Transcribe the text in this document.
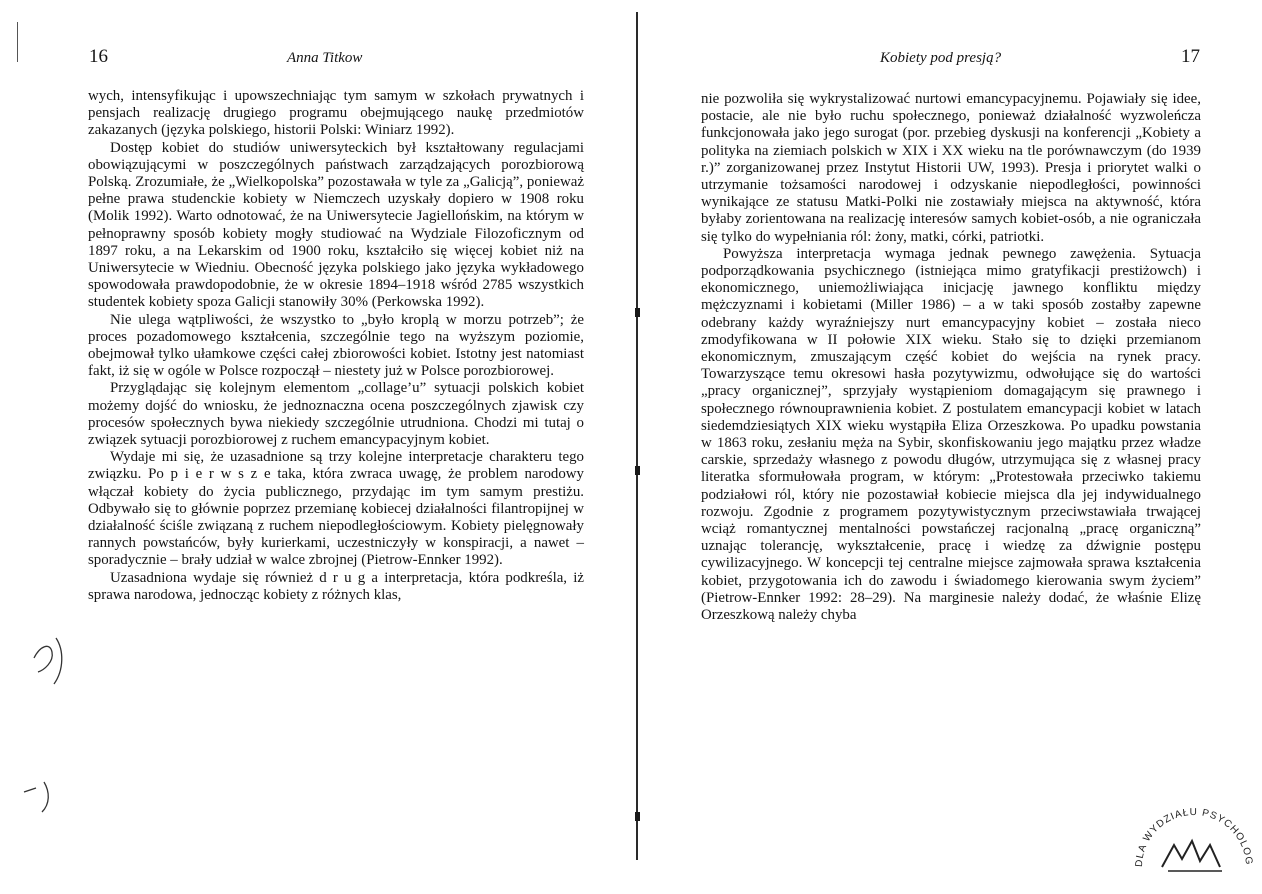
16	Anna Titkow

wych, intensyfikując i upowszechniając tym samym w szkołach prywatnych i pensjach realizację drugiego programu obejmującego naukę przedmiotów zakazanych (języka polskiego, historii Polski: Winiarz 1992).

Dostęp kobiet do studiów uniwersyteckich był kształtowany regulacjami obowiązującymi w poszczególnych państwach zarządzających porozbiorową Polską. Zrozumiałe, że „Wielkopolska” pozostawała w tyle za „Galicją”, ponieważ pełne prawa studenckie kobiety w Niemczech uzyskały dopiero w 1908 roku (Molik 1992). Warto odnotować, że na Uniwersytecie Jagiellońskim, na którym w pełnoprawny sposób kobiety mogły studiować na Wydziale Filozoficznym od 1897 roku, a na Lekarskim od 1900 roku, kształciło się więcej kobiet niż na Uniwersytecie w Wiedniu. Obecność języka polskiego jako języka wykładowego spowodowała prawdopodobnie, że w okresie 1894–1918 wśród 2785 wszystkich studentek kobiety spoza Galicji stanowiły 30% (Perkowska 1992).

Nie ulega wątpliwości, że wszystko to „było kroplą w morzu potrzeb”; że proces pozadomowego kształcenia, szczególnie tego na wyższym poziomie, obejmował tylko ułamkowe części całej zbiorowości kobiet. Istotny jest natomiast fakt, iż się w ogóle w Polsce rozpoczął – niestety już w Polsce porozbiorowej.

Przyglądając się kolejnym elementom „collage’u” sytuacji polskich kobiet możemy dojść do wniosku, że jednoznaczna ocena poszczególnych zjawisk czy procesów społecznych bywa niekiedy szczególnie utrudniona. Chodzi mi tutaj o związek sytuacji porozbiorowej z ruchem emancypacyjnym kobiet.

Wydaje mi się, że uzasadnione są trzy kolejne interpretacje charakteru tego związku. Po p i e r w s z e taka, która zwraca uwagę, że problem narodowy włączał kobiety do życia publicznego, przydając im tym samym prestiżu. Odbywało się to głównie poprzez przemianę kobiecej działalności filantropijnej w działalność ściśle związaną z ruchem niepodległościowym. Kobiety pielęgnowały rannych powstańców, były kurierkami, uczestniczyły w konspiracji, a nawet – sporadycznie – brały udział w walce zbrojnej (Pietrow-Ennker 1992).

Uzasadniona wydaje się również d r u g a interpretacja, która podkreśla, iż sprawa narodowa, jednocząc kobiety z różnych klas,

Kobiety pod presją?	17

nie pozwoliła się wykrystalizować nurtowi emancypacyjnemu. Pojawiały się idee, postacie, ale nie było ruchu społecznego, ponieważ działalność wyzwoleńcza funkcjonowała jako jego surogat (por. przebieg dyskusji na konferencji „Kobiety a polityka na ziemiach polskich w XIX i XX wieku na tle porównawczym (do 1939 r.)” zorganizowanej przez Instytut Historii UW, 1993). Presja i priorytet walki o utrzymanie tożsamości narodowej i odzyskanie niepodległości, powinności wynikające ze statusu Matki-Polki nie zostawiały miejsca na aktywność, która byłaby zorientowana na realizację interesów samych kobiet-osób, a nie ograniczała się tylko do wypełniania ról: żony, matki, córki, patriotki.

Powyższa interpretacja wymaga jednak pewnego zawężenia. Sytuacja podporządkowania psychicznego (istniejąca mimo gratyfikacji prestiżowch) i ekonomicznego, uniemożliwiająca inicjację jawnego konfliktu między mężczyznami i kobietami (Miller 1986) – a w taki sposób zostałby zapewne odebrany każdy wyraźniejszy nurt emancypacyjny kobiet – została nieco zmodyfikowana w II połowie XIX wieku. Stało się to dzięki przemianom ekonomicznym, zmuszającym część kobiet do wejścia na rynek pracy. Towarzyszące temu okresowi hasła pozytywizmu, odwołujące się do wartości „pracy organicznej”, sprzyjały wystąpieniom domagającym się prawnego i społecznego równouprawnienia kobiet. Z postulatem emancypacji kobiet w latach siedemdziesiątych XIX wieku wystąpiła Eliza Orzeszkowa. Po upadku powstania w 1863 roku, zesłaniu męża na Sybir, skonfiskowaniu jego majątku przez władze carskie, sprzedaży własnego z powodu długów, utrzymująca się z własnej pracy literatka sformułowała program, w którym: „Protestowała przeciwko takiemu podziałowi ról, który nie pozostawiał kobiecie miejsca dla jej indywidualnego rozwoju. Zgodnie z programem pozytywistycznym przeciwstawiała trwającej wciąż romantycznej mentalności powstańczej racjonalną „pracę organiczną” uznając tolerancję, wykształcenie, pracę i wiedzę za dźwignie postępu cywilizacyjnego. W koncepcji tej centralne miejsce zajmowała sprawa kształcenia kobiet, przygotowania ich do zawodu i świadomego kierowania swym życiem” (Pietrow-Ennker 1992: 28–29). Na marginesie należy dodać, że właśnie Elizę Orzeszkową należy chyba

DLA WYDZIAŁU PSYCHOLOG
